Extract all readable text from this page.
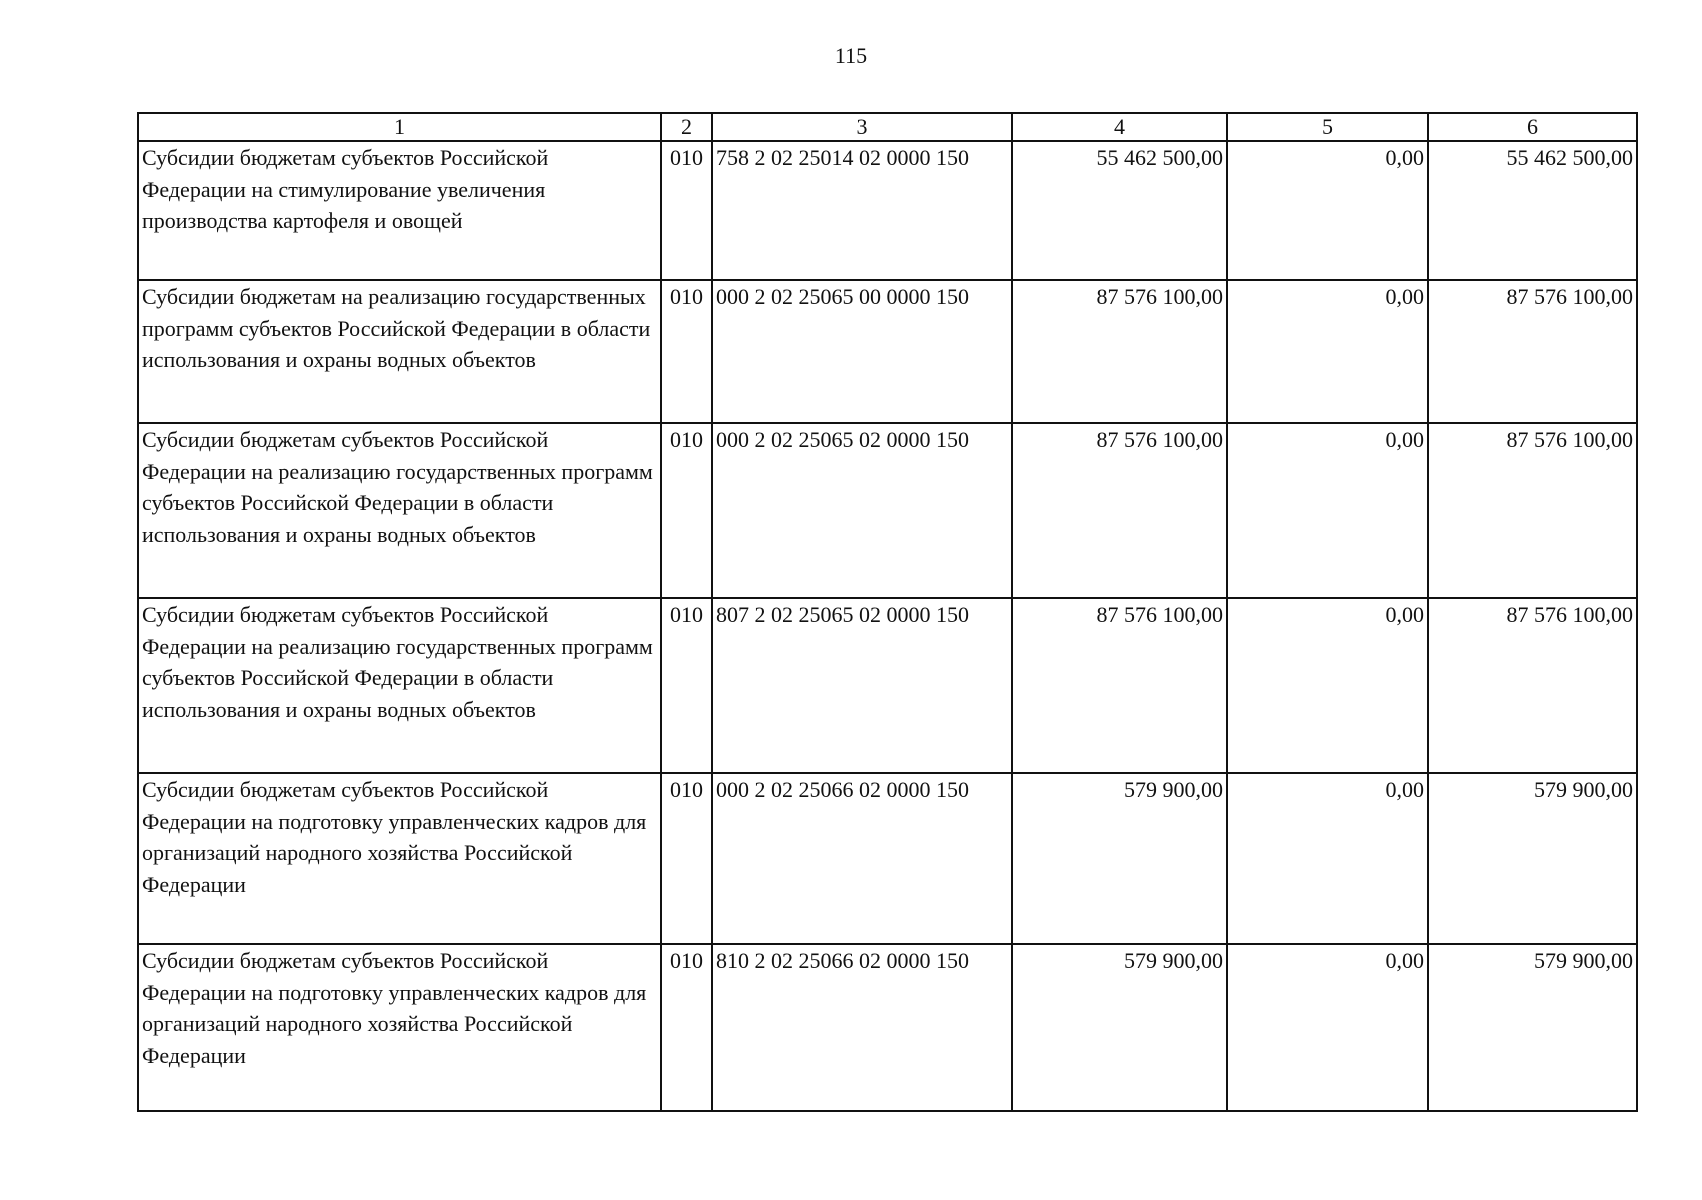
115
1	2	3	4	5	6
Субсидии бюджетам субъектов Российской Федерации на стимулирование увеличения производства картофеля и овощей	010	758 2 02 25014 02 0000 150	55 462 500,00	0,00	55 462 500,00
Субсидии бюджетам на реализацию государственных программ субъектов Российской Федерации в области использования и охраны водных объектов	010	000 2 02 25065 00 0000 150	87 576 100,00	0,00	87 576 100,00
Субсидии бюджетам субъектов Российской Федерации на реализацию государственных программ субъектов Российской Федерации в области использования и охраны водных объектов	010	000 2 02 25065 02 0000 150	87 576 100,00	0,00	87 576 100,00
Субсидии бюджетам субъектов Российской Федерации на реализацию государственных программ субъектов Российской Федерации в области использования и охраны водных объектов	010	807 2 02 25065 02 0000 150	87 576 100,00	0,00	87 576 100,00
Субсидии бюджетам субъектов Российской Федерации на подготовку управленческих кадров для организаций народного хозяйства Российской Федерации	010	000 2 02 25066 02 0000 150	579 900,00	0,00	579 900,00
Субсидии бюджетам субъектов Российской Федерации на подготовку управленческих кадров для организаций народного хозяйства Российской Федерации	010	810 2 02 25066 02 0000 150	579 900,00	0,00	579 900,00
